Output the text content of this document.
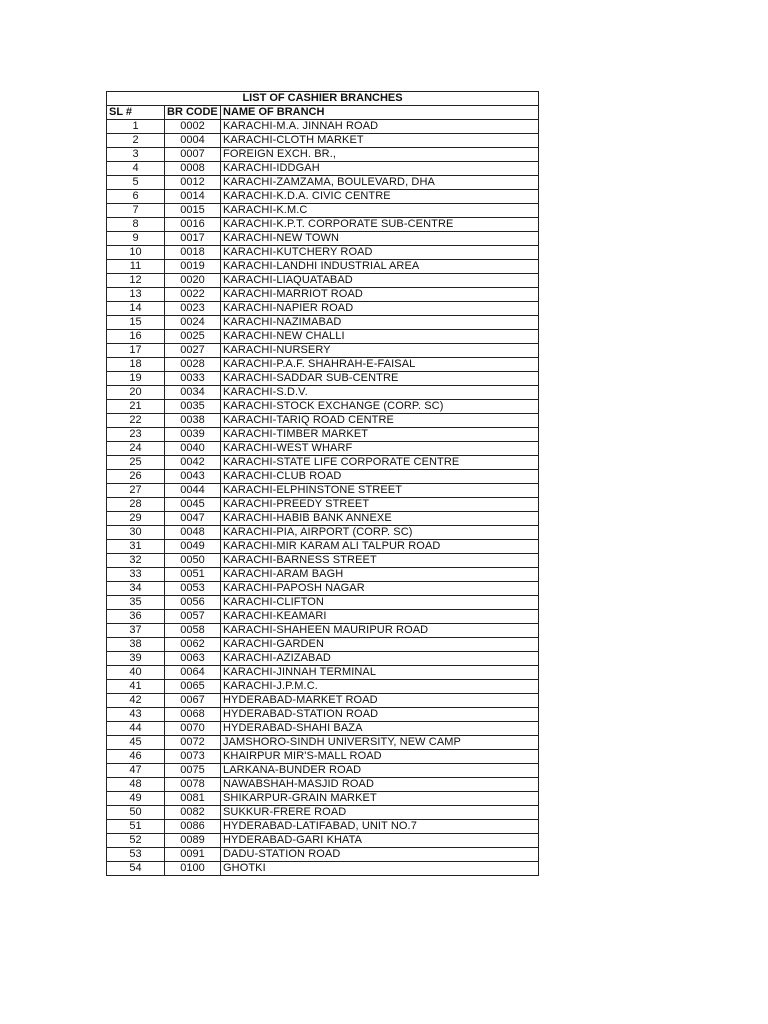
LIST OF CASHIER BRANCHES		
SL #	BR CODE	NAME OF BRANCH
1	0002	KARACHI-M.A. JINNAH ROAD
2	0004	KARACHI-CLOTH MARKET
3	0007	FOREIGN EXCH. BR.,
4	0008	KARACHI-IDDGAH
5	0012	KARACHI-ZAMZAMA, BOULEVARD, DHA
6	0014	KARACHI-K.D.A. CIVIC CENTRE
7	0015	KARACHI-K.M.C
8	0016	KARACHI-K.P.T. CORPORATE SUB-CENTRE
9	0017	KARACHI-NEW TOWN
10	0018	KARACHI-KUTCHERY ROAD
11	0019	KARACHI-LANDHI INDUSTRIAL AREA
12	0020	KARACHI-LIAQUATABAD
13	0022	KARACHI-MARRIOT ROAD
14	0023	KARACHI-NAPIER ROAD
15	0024	KARACHI-NAZIMABAD
16	0025	KARACHI-NEW CHALLI
17	0027	KARACHI-NURSERY
18	0028	KARACHI-P.A.F. SHAHRAH-E-FAISAL
19	0033	KARACHI-SADDAR SUB-CENTRE
20	0034	KARACHI-S.D.V.
21	0035	KARACHI-STOCK EXCHANGE (CORP. SC)
22	0038	KARACHI-TARIQ ROAD CENTRE
23	0039	KARACHI-TIMBER MARKET
24	0040	KARACHI-WEST WHARF
25	0042	KARACHI-STATE LIFE CORPORATE CENTRE
26	0043	KARACHI-CLUB ROAD
27	0044	KARACHI-ELPHINSTONE STREET
28	0045	KARACHI-PREEDY STREET
29	0047	KARACHI-HABIB BANK ANNEXE
30	0048	KARACHI-PIA, AIRPORT (CORP. SC)
31	0049	KARACHI-MIR KARAM ALI TALPUR ROAD
32	0050	KARACHI-BARNESS STREET
33	0051	KARACHI-ARAM BAGH
34	0053	KARACHI-PAPOSH NAGAR
35	0056	KARACHI-CLIFTON
36	0057	KARACHI-KEAMARI
37	0058	KARACHI-SHAHEEN MAURIPUR ROAD
38	0062	KARACHI-GARDEN
39	0063	KARACHI-AZIZABAD
40	0064	KARACHI-JINNAH TERMINAL
41	0065	KARACHI-J.P.M.C.
42	0067	HYDERABAD-MARKET ROAD
43	0068	HYDERABAD-STATION ROAD
44	0070	HYDERABAD-SHAHI BAZA
45	0072	JAMSHORO-SINDH UNIVERSITY, NEW CAMP
46	0073	KHAIRPUR MIR'S-MALL ROAD
47	0075	LARKANA-BUNDER ROAD
48	0078	NAWABSHAH-MASJID ROAD
49	0081	SHIKARPUR-GRAIN MARKET
50	0082	SUKKUR-FRERE ROAD
51	0086	HYDERABAD-LATIFABAD, UNIT NO.7
52	0089	HYDERABAD-GARI KHATA
53	0091	DADU-STATION ROAD
54	0100	GHOTKI
